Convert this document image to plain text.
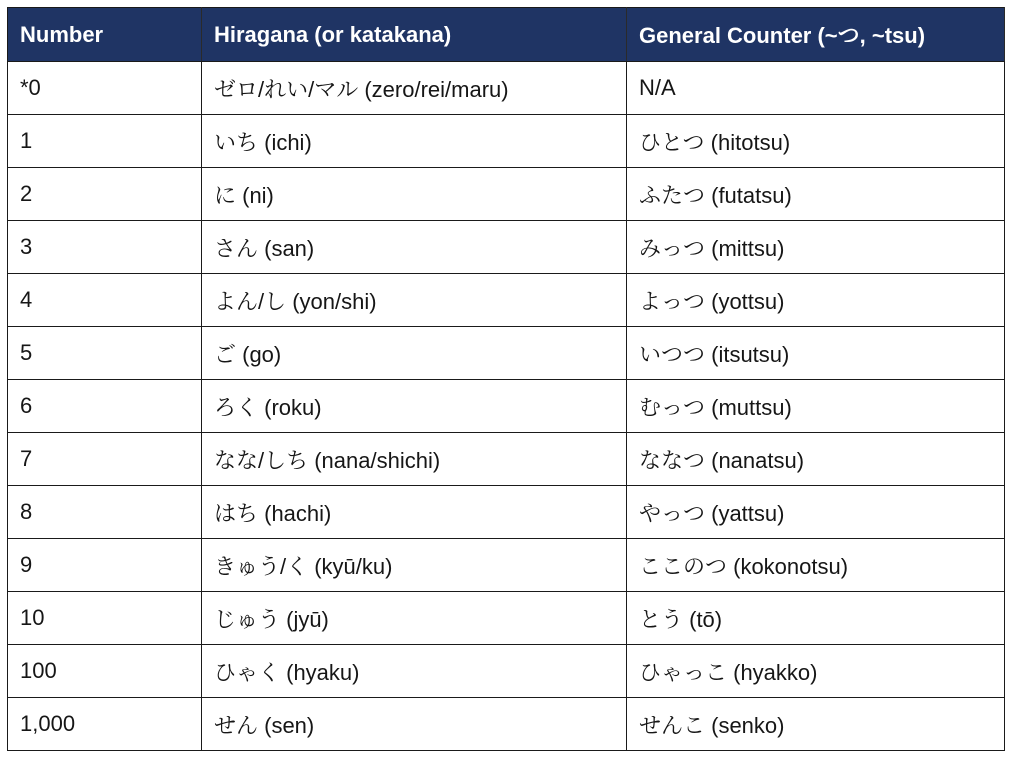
Number	Hiragana (or katakana)	General Counter (~つ, ~tsu)
*0	ゼロ/れい/マル (zero/rei/maru)	N/A
1	いち (ichi)	ひとつ (hitotsu)
2	に (ni)	ふたつ (futatsu)
3	さん (san)	みっつ (mittsu)
4	よん/し (yon/shi)	よっつ (yottsu)
5	ご (go)	いつつ (itsutsu)
6	ろく (roku)	むっつ (muttsu)
7	なな/しち (nana/shichi)	ななつ (nanatsu)
8	はち (hachi)	やっつ (yattsu)
9	きゅう/く (kyū/ku)	ここのつ (kokonotsu)
10	じゅう (jyū)	とう (tō)
100	ひゃく (hyaku)	ひゃっこ (hyakko)
1,000	せん (sen)	せんこ (senko)
